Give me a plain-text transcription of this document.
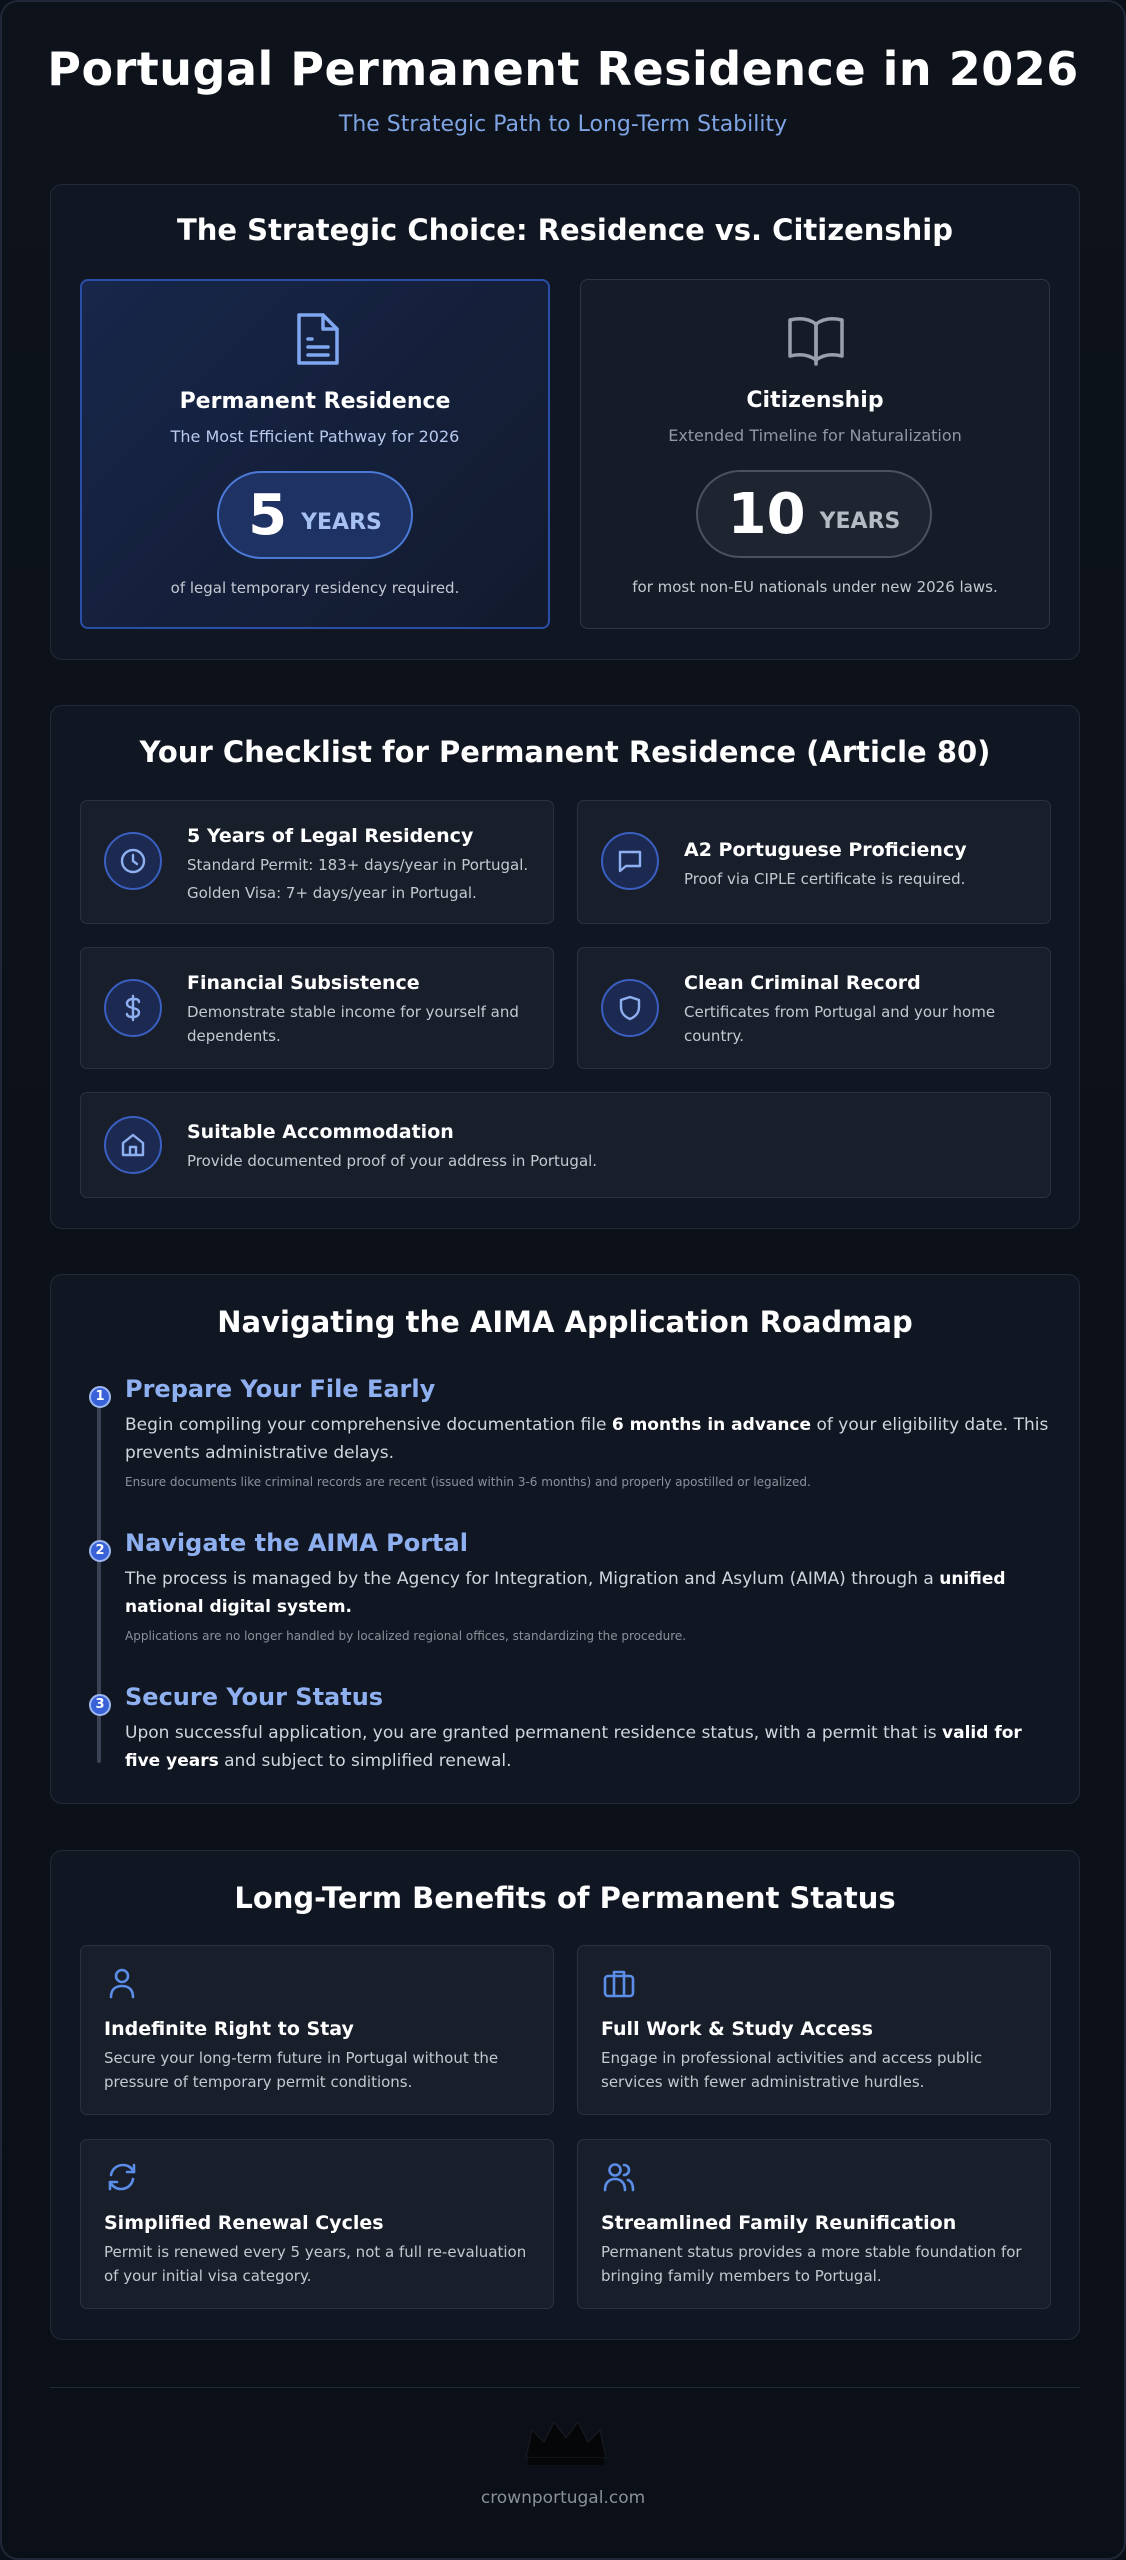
Portugal Permanent Residence in 2026
The Strategic Path to Long-Term Stability
The Strategic Choice: Residence vs. Citizenship
Permanent Residence
The Most Efficient Pathway for 2026
5 YEARS
of legal temporary residency required.
Citizenship
Extended Timeline for Naturalization
10 YEARS
for most non-EU nationals under new 2026 laws.
Your Checklist for Permanent Residence (Article 80)
5 Years of Legal Residency
Standard Permit: 183+ days/year in Portugal.
Golden Visa: 7+ days/year in Portugal.
A2 Portuguese Proficiency
Proof via CIPLE certificate is required.
Financial Subsistence
Demonstrate stable income for yourself and dependents.
Clean Criminal Record
Certificates from Portugal and your home country.
Suitable Accommodation
Provide documented proof of your address in Portugal.
Navigating the AIMA Application Roadmap
1 Prepare Your File Early
Begin compiling your comprehensive documentation file 6 months in advance of your eligibility date. This prevents administrative delays.
Ensure documents like criminal records are recent (issued within 3-6 months) and properly apostilled or legalized.
2 Navigate the AIMA Portal
The process is managed by the Agency for Integration, Migration and Asylum (AIMA) through a unified national digital system.
Applications are no longer handled by localized regional offices, standardizing the procedure.
3 Secure Your Status
Upon successful application, you are granted permanent residence status, with a permit that is valid for five years and subject to simplified renewal.
Long-Term Benefits of Permanent Status
Indefinite Right to Stay
Secure your long-term future in Portugal without the pressure of temporary permit conditions.
Full Work & Study Access
Engage in professional activities and access public services with fewer administrative hurdles.
Simplified Renewal Cycles
Permit is renewed every 5 years, not a full re-evaluation of your initial visa category.
Streamlined Family Reunification
Permanent status provides a more stable foundation for bringing family members to Portugal.
crownportugal.com
